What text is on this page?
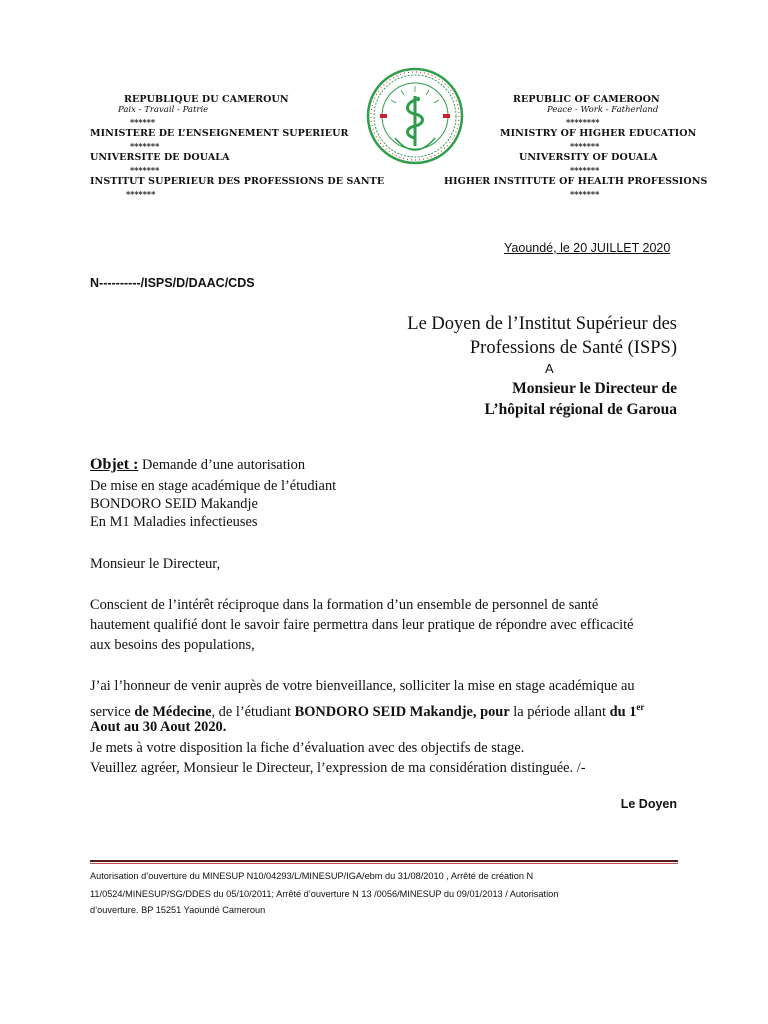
REPUBLIQUE DU CAMEROUN
Paix - Travail - Patrie
******
MINISTERE DE L’ENSEIGNEMENT SUPERIEUR
*******
UNIVERSITE DE DOUALA
*******
INSTITUT SUPERIEUR DES PROFESSIONS DE SANTE
*******
REPUBLIC OF CAMEROON
Peace - Work - Fatherland
********
MINISTRY OF HIGHER EDUCATION
*******
UNIVERSITY OF DOUALA
*******
HIGHER INSTITUTE OF HEALTH PROFESSIONS
*******
Yaoundé, le 20 JUILLET 2020
N----------/ISPS/D/DAAC/CDS
Le Doyen de l’Institut Supérieur des
Professions de Santé (ISPS)
A
Monsieur le Directeur de
L’hôpital régional de Garoua
Objet : Demande d’une autorisation
De mise en stage académique de l’étudiant
BONDORO SEID Makandje
En M1 Maladies infectieuses
Monsieur le Directeur,
Conscient de l’intérêt réciproque dans la formation d’un ensemble de personnel de santé
hautement qualifié dont le savoir faire permettra dans leur pratique de répondre avec efficacité
aux besoins des populations,
J’ai l’honneur de venir auprès de votre bienveillance, solliciter la mise en stage académique au
service de Médecine, de l’étudiant BONDORO SEID Makandje, pour la période allant du 1er
Aout au 30 Aout 2020.
Je mets à votre disposition la fiche d’évaluation avec des objectifs de stage.
Veuillez agréer, Monsieur le Directeur, l’expression de ma considération distinguée. /-
Le Doyen
Autorisation d’ouverture du MINESUP N10/04293/L/MINESUP/IGA/ebm du 31/08/2010 , Arrêté de création N
11/0524/MINESUP/SG/DDES du 05/10/2011; Arrêté d’ouverture N 13 /0056/MINESUP du 09/01/2013 / Autorisation
d’ouverture. BP 15251 Yaoundé Cameroun
